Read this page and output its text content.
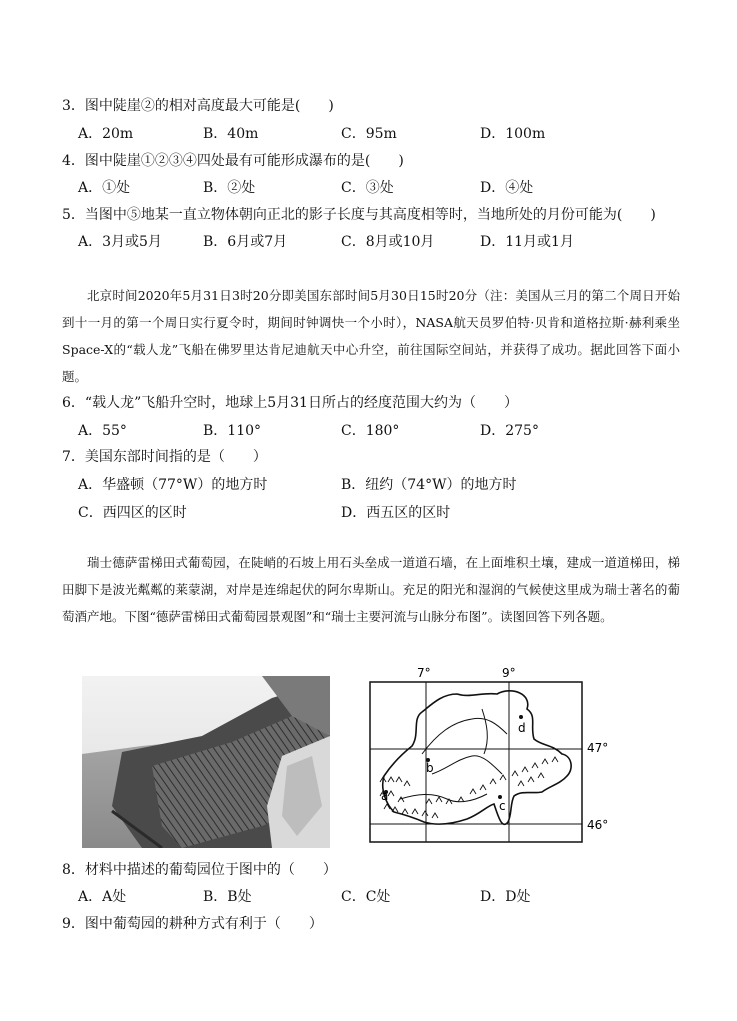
3．图中陡崖②的相对高度最大可能是(　　)
A．20m	B．40m	C．95m	D．100m
4．图中陡崖①②③④四处最有可能形成瀑布的是(　　)
A．①处	B．②处	C．③处	D．④处
5．当图中⑤地某一直立物体朝向正北的影子长度与其高度相等时，当地所处的月份可能为(　　)
A．3月或5月	B．6月或7月	C．8月或10月	D．11月或1月
北京时间2020年5月31日3时20分即美国东部时间5月30日15时20分（注：美国从三月的第二个周日开始到十一月的第一个周日实行夏令时，期间时钟调快一个小时），NASA航天员罗伯特·贝肯和道格拉斯·赫利乘坐Space-X的“载人龙”飞船在佛罗里达肯尼迪航天中心升空，前往国际空间站，并获得了成功。据此回答下面小题。
6．“载人龙”飞船升空时，地球上5月31日所占的经度范围大约为（　　）
A．55°	B．110°	C．180°	D．275°
7．美国东部时间指的是（　　）
A．华盛顿（77°W）的地方时	B．纽约（74°W）的地方时
C．西四区的区时	D．西五区的区时
瑞士德萨雷梯田式葡萄园，在陡峭的石坡上用石头垒成一道道石墙，在上面堆积土壤，建成一道道梯田，梯田脚下是波光粼粼的莱蒙湖，对岸是连绵起伏的阿尔卑斯山。充足的阳光和湿润的气候使这里成为瑞士著名的葡萄酒产地。下图“德萨雷梯田式葡萄园景观图”和“瑞士主要河流与山脉分布图”。读图回答下列各题。
a
b
c
d
7°	9°
47°
46°
8．材料中描述的葡萄园位于图中的（　　）
A．A处	B．B处	C．C处	D．D处
9．图中葡萄园的耕种方式有利于（　　）
